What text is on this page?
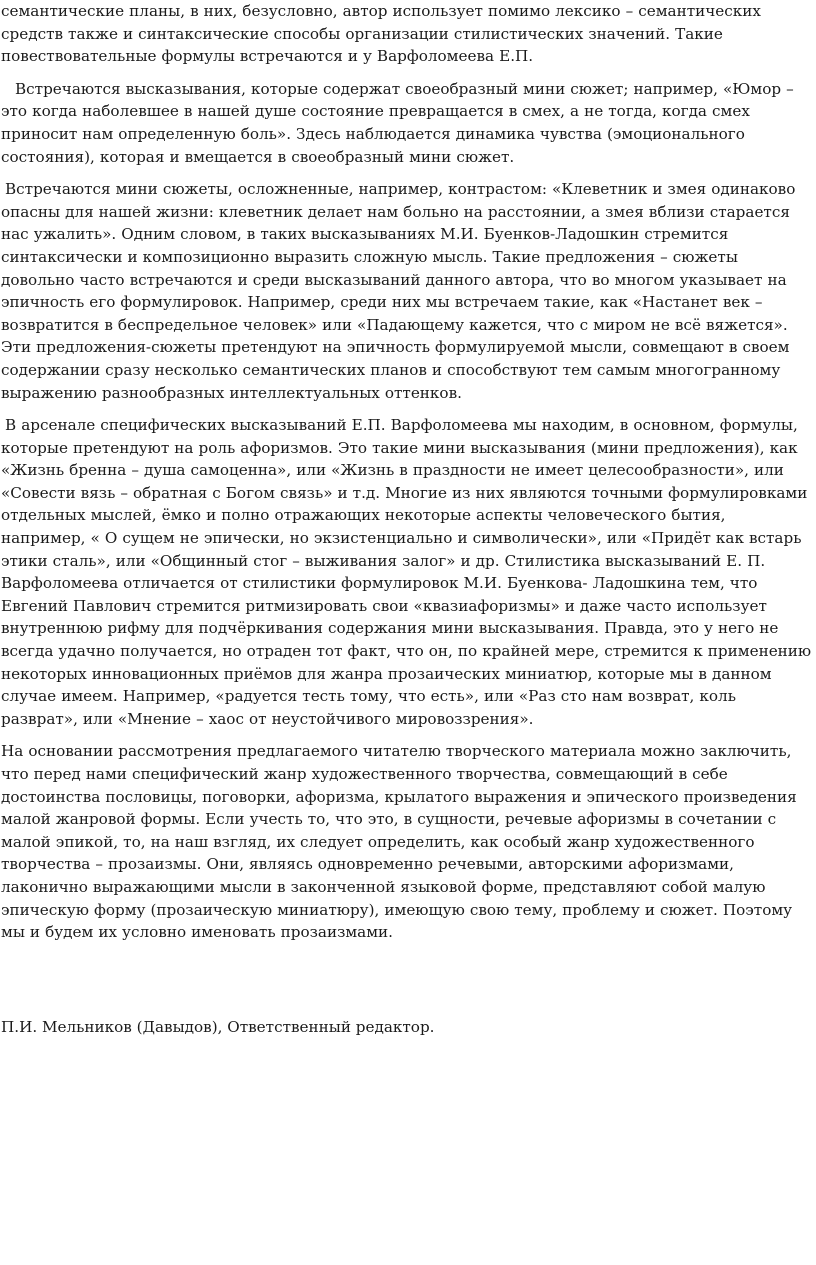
семантические планы, в них, безусловно, автор использует помимо лексико – семантических средств также и синтаксические способы организации стилистических значений. Такие повествовательные формулы встречаются и у Варфоломеева Е.П.

Встречаются высказывания, которые содержат своеобразный мини сюжет; например, «Юмор – это когда наболевшее в нашей душе состояние превращается в смех, а не тогда, когда смех приносит нам определенную боль». Здесь наблюдается динамика чувства (эмоционального состояния), которая и вмещается в своеобразный мини сюжет.

Встречаются мини сюжеты, осложненные, например, контрастом: «Клеветник и змея одинаково опасны для нашей жизни: клеветник делает нам больно на расстоянии, а змея вблизи старается нас ужалить». Одним словом, в таких высказываниях М.И. Буенков-Ладошкин стремится синтаксически и композиционно выразить сложную мысль. Такие предложения – сюжеты довольно часто встречаются и среди высказываний данного автора, что во многом указывает на эпичность его формулировок. Например, среди них мы встречаем такие, как «Настанет век – возвратится в беспредельное человек» или «Падающему кажется, что с миром не всё вяжется». Эти предложения-сюжеты претендуют на эпичность формулируемой мысли, совмещают в своем содержании сразу несколько семантических планов и способствуют тем самым многогранному выражению разнообразных интеллектуальных оттенков.

В арсенале специфических высказываний Е.П. Варфоломеева мы находим, в основном, формулы, которые претендуют на роль афоризмов. Это такие мини высказывания (мини предложения), как «Жизнь бренна – душа самоценна», или «Жизнь в праздности не имеет целесообразности», или «Совести вязь – обратная с Богом связь» и т.д. Многие из них являются точными формулировками отдельных мыслей, ёмко и полно отражающих некоторые аспекты человеческого бытия, например, « О сущем не эпически, но экзистенциально и символически», или «Придёт как встарь этики сталь», или «Общинный стог – выживания залог» и др. Стилистика высказываний Е. П. Варфоломеева отличается от стилистики формулировок М.И. Буенкова- Ладошкина тем, что Евгений Павлович стремится ритмизировать свои «квазиафоризмы» и даже часто использует внутреннюю рифму для подчёркивания содержания мини высказывания. Правда, это у него не всегда удачно получается, но отраден тот факт, что он, по крайней мере, стремится к применению некоторых инновационных приёмов для жанра прозаических миниатюр, которые мы в данном случае имеем. Например, «радуется тесть тому, что есть», или «Раз сто нам возврат, коль разврат», или «Мнение – хаос от неустойчивого мировоззрения».

На основании рассмотрения предлагаемого читателю творческого материала можно заключить, что перед нами специфический жанр художественного творчества, совмещающий в себе достоинства пословицы, поговорки, афоризма, крылатого выражения и эпического произведения малой жанровой формы. Если учесть то, что это, в сущности, речевые афоризмы в сочетании с малой эпикой, то, на наш взгляд, их следует определить, как особый жанр художественного творчества – прозаизмы. Они, являясь одновременно речевыми, авторскими афоризмами, лаконично выражающими мысли в законченной языковой форме, представляют собой малую эпическую форму (прозаическую миниатюру), имеющую свою тему, проблему и сюжет. Поэтому мы и будем их условно именовать прозаизмами.

П.И. Мельников (Давыдов), Ответственный редактор.
